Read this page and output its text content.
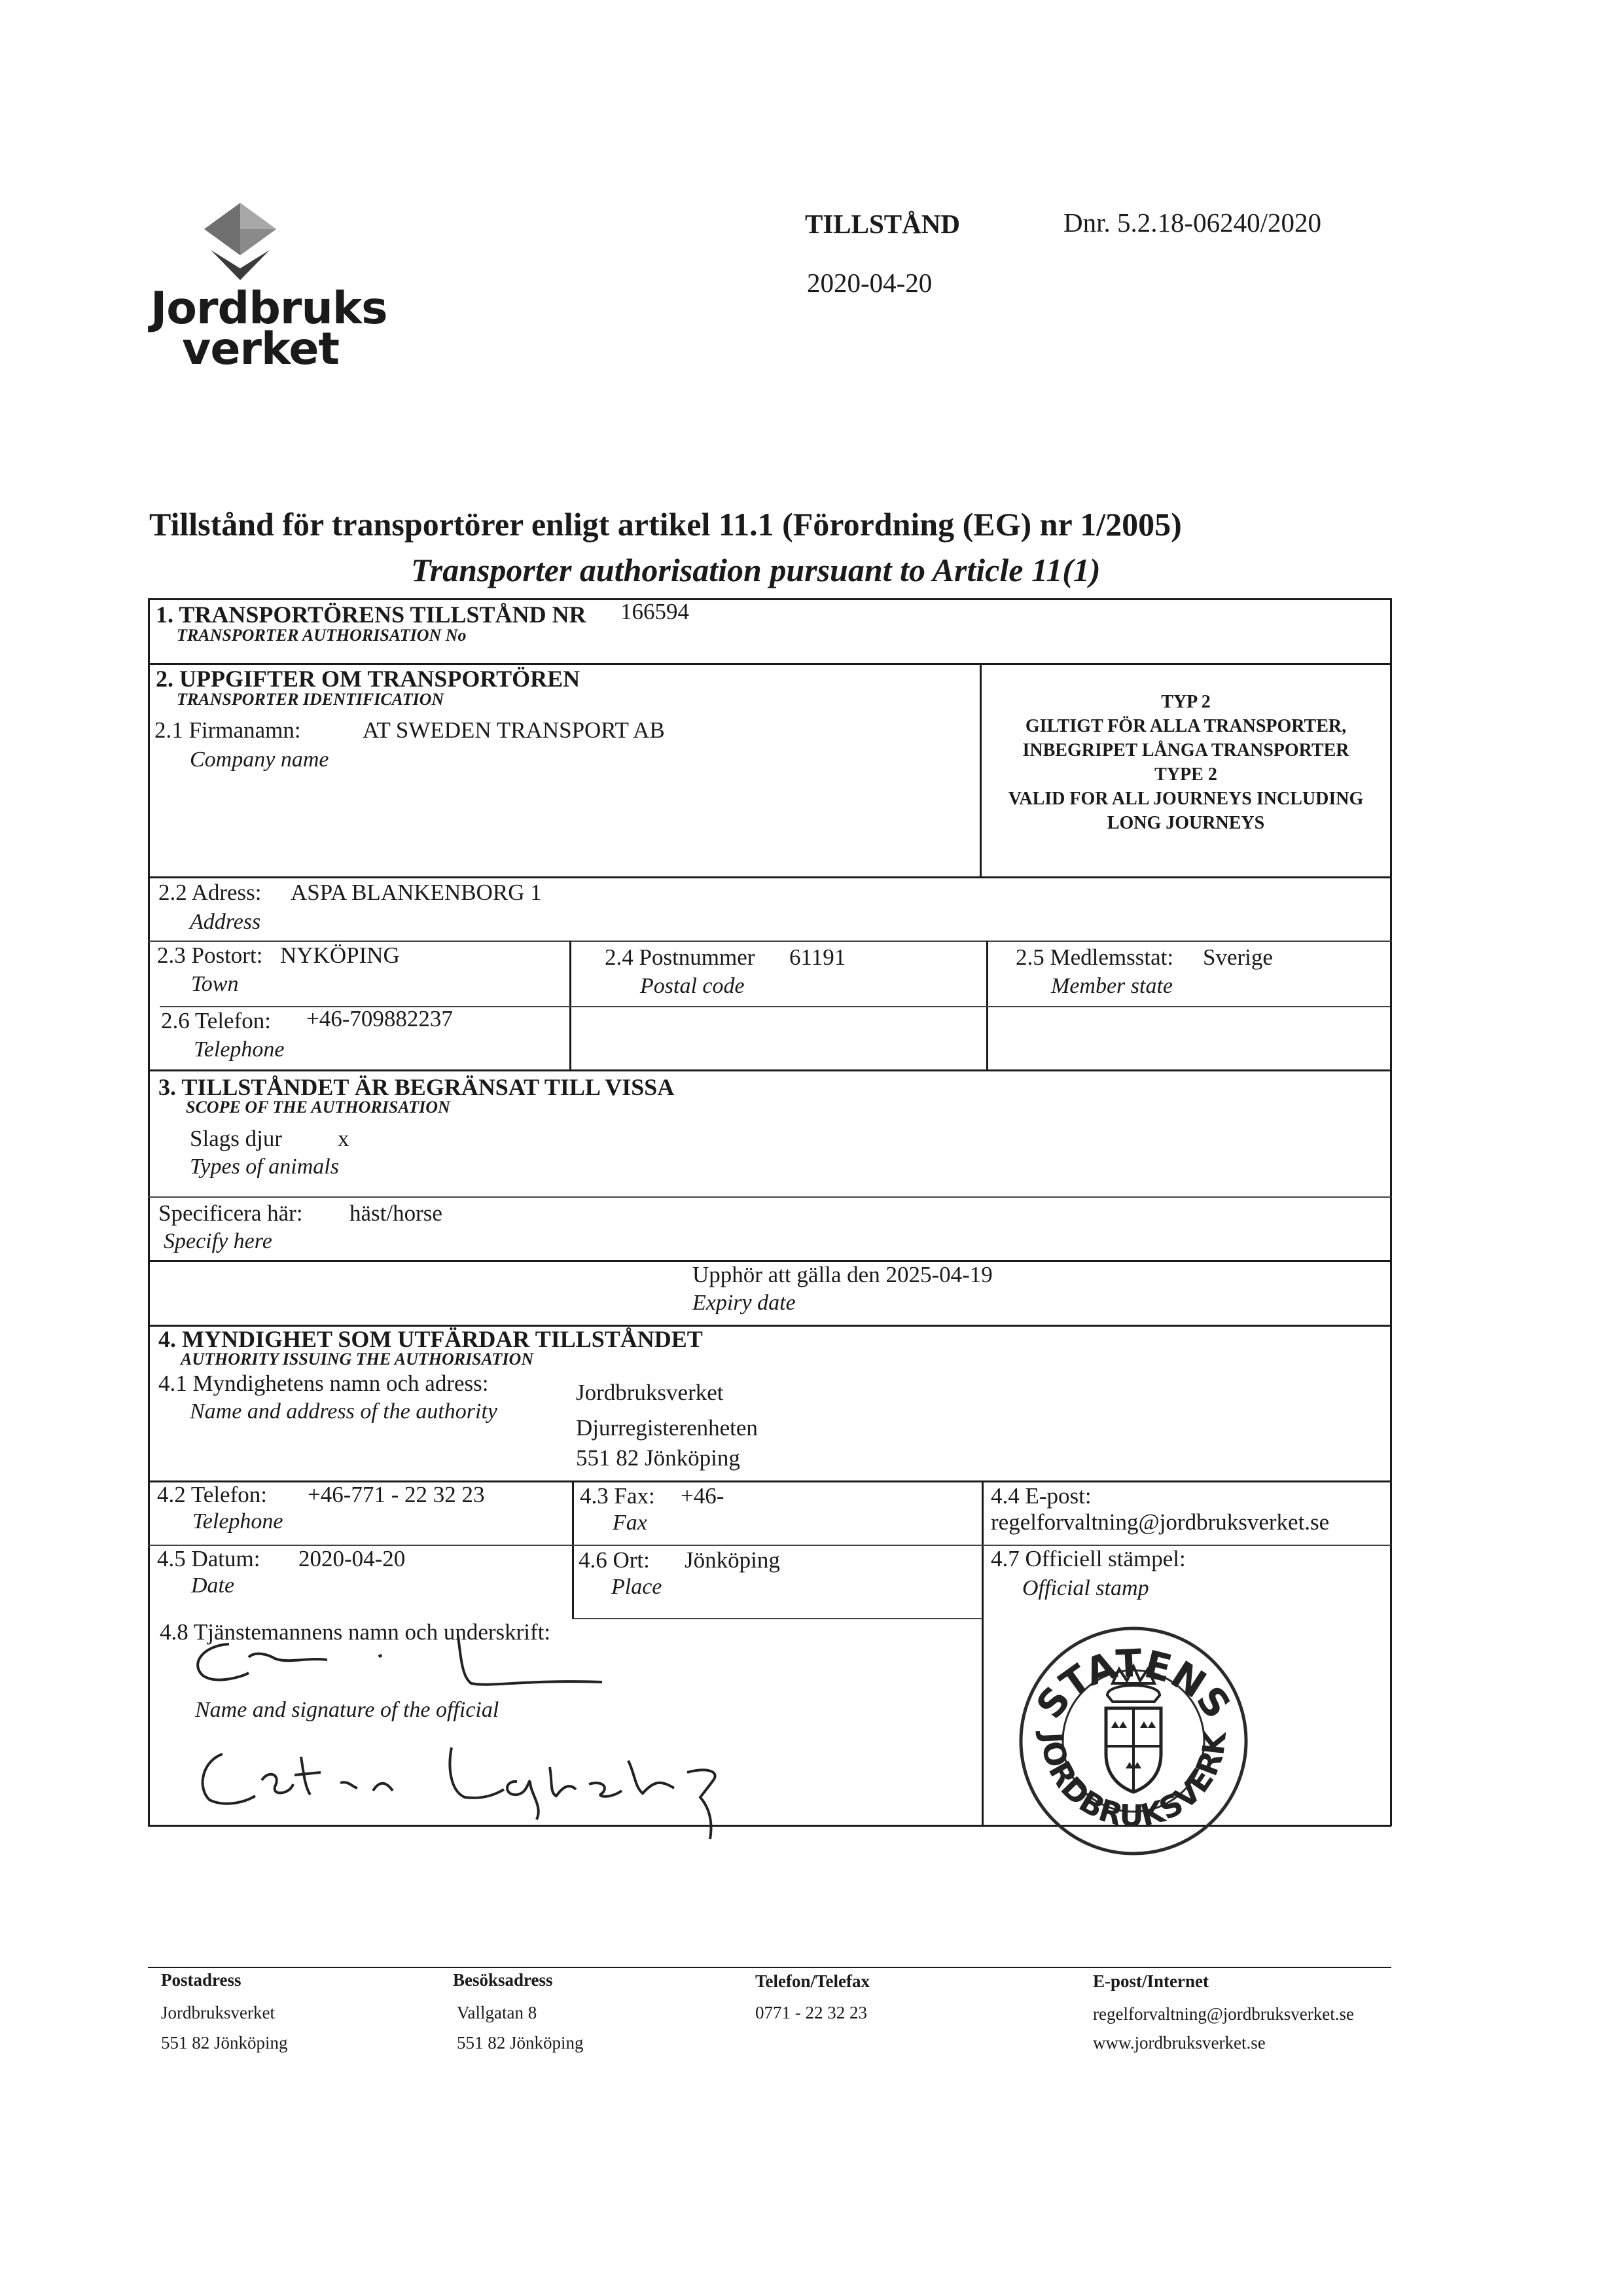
Jordbruks
verket
TILLSTÅND	Dnr. 5.2.18-06240/2020
2020-04-20
Tillstånd för transportörer enligt artikel 11.1 (Förordning (EG) nr 1/2005)
Transporter authorisation pursuant to Article 11(1)
1. TRANSPORTÖRENS TILLSTÅND NR 166594
TRANSPORTER AUTHORISATION No
2. UPPGIFTER OM TRANSPORTÖREN
TRANSPORTER IDENTIFICATION
2.1 Firmanamn:	AT SWEDEN TRANSPORT AB
Company name
TYP 2
GILTIGT FÖR ALLA TRANSPORTER,
INBEGRIPET LÅNGA TRANSPORTER
TYPE 2
VALID FOR ALL JOURNEYS INCLUDING
LONG JOURNEYS
2.2 Adress: ASPA BLANKENBORG 1
Address
2.3 Postort: NYKÖPING
Town
2.4 Postnummer 61191
Postal code
2.5 Medlemsstat: Sverige
Member state
2.6 Telefon: +46-709882237
Telephone
3. TILLSTÅNDET ÄR BEGRÄNSAT TILL VISSA
SCOPE OF THE AUTHORISATION
Slags djur x
Types of animals
Specificera här: häst/horse
Specify here
Upphör att gälla den 2025-04-19
Expiry date
4. MYNDIGHET SOM UTFÄRDAR TILLSTÅNDET
AUTHORITY ISSUING THE AUTHORISATION
4.1 Myndighetens namn och adress:
Name and address of the authority
Jordbruksverket
Djurregisterenheten
551 82 Jönköping
4.2 Telefon: +46-771 - 22 32 23
Telephone
4.3 Fax: +46-
Fax
4.4 E-post:
regelforvaltning@jordbruksverket.se
4.5 Datum: 2020-04-20
Date
4.6 Ort: Jönköping
Place
4.7 Officiell stämpel:
Official stamp
4.8 Tjänstemannens namn och underskrift:
Name and signature of the official	STATENS
JORDBRUKSVERK
Postadress
Jordbruksverket
551 82 Jönköping
Besöksadress
Vallgatan 8
551 82 Jönköping
Telefon/Telefax
0771 - 22 32 23
E-post/Internet
regelforvaltning@jordbruksverket.se
www.jordbruksverket.se
